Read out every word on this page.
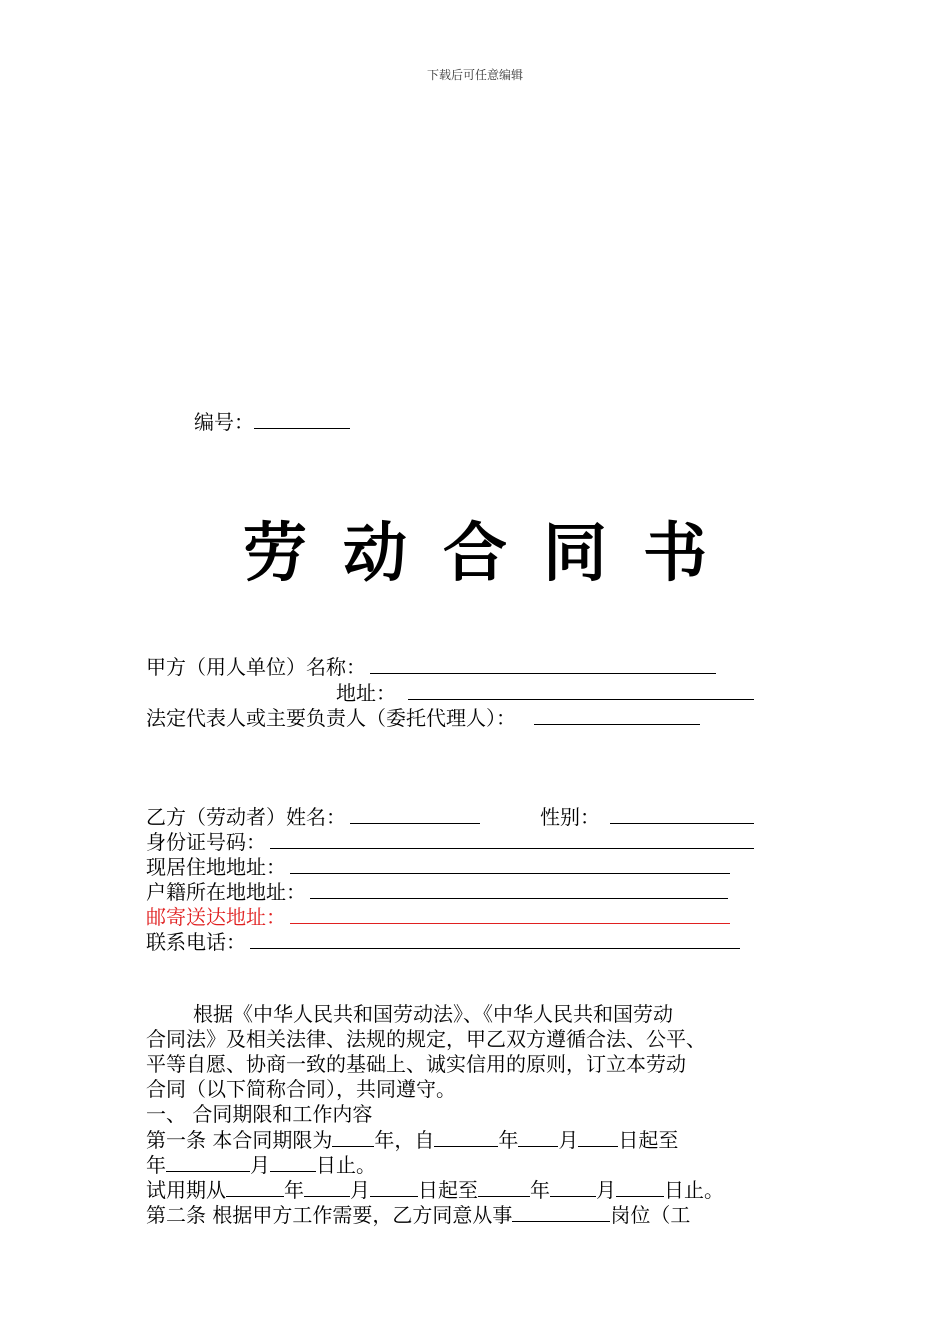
下载后可任意编辑
编号：
劳动合同书
甲方（用人单位）名称：
地址：
法定代表人或主要负责人（委托代理人）：
乙方（劳动者）姓名：	性别：
身份证号码：
现居住地地址：
户籍所在地地址：
邮寄送达地址：
联系电话：
根据《中华人民共和国劳动法》、《中华人民共和国劳动
合同法》及相关法律、法规的规定，甲乙双方遵循合法、公平、
平等自愿、协商一致的基础上、诚实信用的原则，订立本劳动
合同（以下简称合同），共同遵守。
一、 合同期限和工作内容
第一条 本合同期限为 年，自	年 月 日起至
年	月 日止。
试用期从	年 月 日起至	年 月 日止。
第二条 根据甲方工作需要，乙方同意从事	岗位（工
